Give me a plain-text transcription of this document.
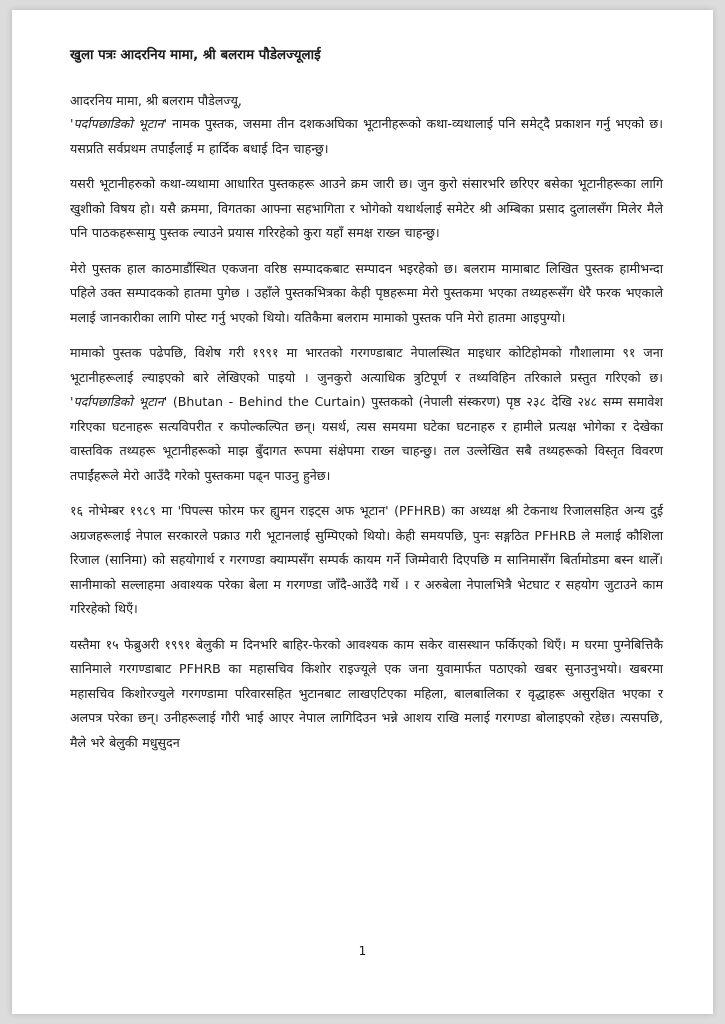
खुला पत्रः आदरनिय मामा, श्री बलराम पौडेलज्यूलाई
आदरनिय मामा, श्री बलराम पौडेलज्यू,

'पर्दापछाडिको भूटान' नामक पुस्तक, जसमा तीन दशकअघिका भूटानीहरूको कथा-व्यथालाई पनि समेट्दै प्रकाशन गर्नु भएको छ। यसप्रति सर्वप्रथम तपाईंलाई म हार्दिक बधाई दिन चाहन्छु।

यसरी भूटानीहरुको कथा-व्यथामा आधारित पुस्तकहरू आउने क्रम जारी छ। जुन कुरो संसारभरि छरिएर बसेका भूटानीहरूका लागि खुशीको विषय हो। यसै क्रममा, विगतका आफ्ना सहभागिता र भोगेको यथार्थलाई समेटेर श्री अम्बिका प्रसाद दुलालसँग मिलेर मैले पनि पाठकहरूसामु पुस्तक ल्याउने प्रयास गरिरहेको कुरा यहाँ समक्ष राख्न चाहन्छु।

मेरो पुस्तक हाल काठमाडौंस्थित एकजना वरिष्ठ सम्पादकबाट सम्पादन भइरहेको छ। बलराम मामाबाट लिखित पुस्तक हामीभन्दा पहिले उक्त सम्पादकको हातमा पुगेछ । उहाँले पुस्तकभित्रका केही पृष्ठहरूमा मेरो पुस्तकमा भएका तथ्यहरूसँग धेरै फरक भएकाले मलाई जानकारीका लागि पोस्ट गर्नु भएको थियो। यतिकैमा बलराम मामाको पुस्तक पनि मेरो हातमा आइपुग्यो।

मामाको पुस्तक पढेपछि, विशेष गरी १९९१ मा भारतको गरगण्डाबाट नेपालस्थित माइधार कोटिहोमको गौशालामा ९१ जना भूटानीहरूलाई ल्याइएको बारे लेखिएको पाइयो । जुनकुरो अत्याधिक त्रुटिपूर्ण र तथ्यविहिन तरिकाले प्रस्तुत गरिएको छ। 'पर्दापछाडिको भूटान' (Bhutan - Behind the Curtain) पुस्तकको (नेपाली संस्करण) पृष्ठ २३८ देखि २४८ सम्म समावेश गरिएका घटनाहरू सत्यविपरीत र कपोल्कल्पित छन्। यसर्थ, त्यस समयमा घटेका घटनाहरु र हामीले प्रत्यक्ष भोगेका र देखेका वास्तविक तथ्यहरू भूटानीहरूको माझ बुँदागत रूपमा संक्षेपमा राख्न चाहन्छु। तल उल्लेखित सबै तथ्यहरूको विस्तृत विवरण तपाईंहरूले मेरो आउँदै गरेको पुस्तकमा पढ्न पाउनु हुनेछ।

१६ नोभेम्बर १९८९ मा 'पिपल्स फोरम फर ह्युमन राइट्स अफ भूटान' (PFHRB) का अध्यक्ष श्री टेकनाथ रिजालसहित अन्य दुई अग्रजहरूलाई नेपाल सरकारले पक्राउ गरी भूटानलाई सुम्पिएको थियो। केही समयपछि, पुनः सङ्गठित PFHRB ले मलाई कौशिला रिजाल (सानिमा) को सहयोगार्थ र गरगण्डा क्याम्पसँग सम्पर्क कायम गर्ने जिम्मेवारी दिएपछि म सानिमासँग बिर्तामोडमा बस्न थालेँ। सानीमाको सल्लाहमा अवाश्यक परेका बेला म गरगण्डा जाँदै-आउँदै गर्थे । र अरुबेला नेपालभित्रै भेटघाट र सहयोग जुटाउने काम गरिरहेको थिएँ।

यस्तैमा १५ फेब्रुअरी १९९१ बेलुकी म दिनभरि बाहिर-फेरको आवश्यक काम सकेर वासस्थान फर्किएको थिएँ। म घरमा पुग्नेबित्तिकै सानिमाले गरगण्डाबाट PFHRB का महासचिव किशोर राइज्यूले एक जना युवामार्फत पठाएको खबर सुनाउनुभयो। खबरमा महासचिव किशोरज्युले गरगण्डामा परिवारसहित भुटानबाट लाखएटिएका महिला, बालबालिका र वृद्धाहरू असुरक्षित भएका र अलपत्र परेका छन्। उनीहरूलाई गौरी भाई आएर नेपाल लागिदिउन भन्ने आशय राखि मलाई गरगण्डा बोलाइएको रहेछ। त्यसपछि, मैले भरे बेलुकी मधुसुदन

1
